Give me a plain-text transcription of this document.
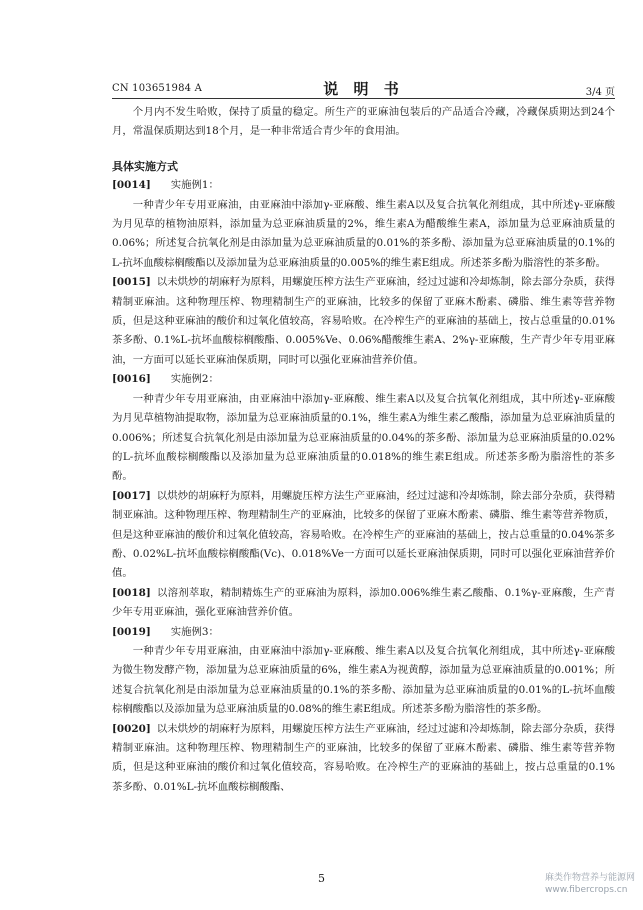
CN 103651984 A	说 明 书	3/4 页

个月内不发生哈败，保持了质量的稳定。所生产的亚麻油包装后的产品适合冷藏，冷藏保质期达到24个月，常温保质期达到18个月，是一种非常适合青少年的食用油。

具体实施方式

[0014] 实施例1：

一种青少年专用亚麻油，由亚麻油中添加γ-亚麻酸、维生素A以及复合抗氧化剂组成，其中所述γ-亚麻酸为月见草的植物油原料，添加量为总亚麻油质量的2%，维生素A为醋酸维生素A，添加量为总亚麻油质量的0.06%；所述复合抗氧化剂是由添加量为总亚麻油质量的0.01%的茶多酚、添加量为总亚麻油质量的0.1%的L-抗坏血酸棕榈酸酯以及添加量为总亚麻油质量的0.005%的维生素E组成。所述茶多酚为脂溶性的茶多酚。

[0015] 以未烘炒的胡麻籽为原料，用螺旋压榨方法生产亚麻油，经过过滤和冷却炼制，除去部分杂质，获得精制亚麻油。这种物理压榨、物理精制生产的亚麻油，比较多的保留了亚麻木酚素、磷脂、维生素等营养物质，但是这种亚麻油的酸价和过氧化值较高，容易哈败。在冷榨生产的亚麻油的基础上，按占总重量的0.01%茶多酚、0.1%L-抗坏血酸棕榈酸酯、0.005%Ve、0.06%醋酸维生素A、2%γ-亚麻酸，生产青少年专用亚麻油，一方面可以延长亚麻油保质期，同时可以强化亚麻油营养价值。

[0016] 实施例2：

一种青少年专用亚麻油，由亚麻油中添加γ-亚麻酸、维生素A以及复合抗氧化剂组成，其中所述γ-亚麻酸为月见草植物油提取物，添加量为总亚麻油质量的0.1%，维生素A为维生素乙酸酯，添加量为总亚麻油质量的0.006%；所述复合抗氧化剂是由添加量为总亚麻油质量的0.04%的茶多酚、添加量为总亚麻油质量的0.02%的L-抗坏血酸棕榈酸酯以及添加量为总亚麻油质量的0.018%的维生素E组成。所述茶多酚为脂溶性的茶多酚。

[0017] 以烘炒的胡麻籽为原料，用螺旋压榨方法生产亚麻油，经过过滤和冷却炼制，除去部分杂质，获得精制亚麻油。这种物理压榨、物理精制生产的亚麻油，比较多的保留了亚麻木酚素、磷脂、维生素等营养物质，但是这种亚麻油的酸价和过氧化值较高，容易哈败。在冷榨生产的亚麻油的基础上，按占总重量的0.04%茶多酚、0.02%L-抗坏血酸棕榈酸酯(Vc)、0.018%Ve一方面可以延长亚麻油保质期，同时可以强化亚麻油营养价值。

[0018] 以溶剂萃取，精制精炼生产的亚麻油为原料，添加0.006%维生素乙酸酯、0.1%γ-亚麻酸，生产青少年专用亚麻油，强化亚麻油营养价值。

[0019] 实施例3：

一种青少年专用亚麻油，由亚麻油中添加γ-亚麻酸、维生素A以及复合抗氧化剂组成，其中所述γ-亚麻酸为微生物发酵产物，添加量为总亚麻油质量的6%，维生素A为视黄醇，添加量为总亚麻油质量的0.001%；所述复合抗氧化剂是由添加量为总亚麻油质量的0.1%的茶多酚、添加量为总亚麻油质量的0.01%的L-抗坏血酸棕榈酸酯以及添加量为总亚麻油质量的0.08%的维生素E组成。所述茶多酚为脂溶性的茶多酚。

[0020] 以未烘炒的胡麻籽为原料，用螺旋压榨方法生产亚麻油，经过过滤和冷却炼制，除去部分杂质，获得精制亚麻油。这种物理压榨、物理精制生产的亚麻油，比较多的保留了亚麻木酚素、磷脂、维生素等营养物质，但是这种亚麻油的酸价和过氧化值较高，容易哈败。在冷榨生产的亚麻油的基础上，按占总重量的0.1%茶多酚、0.01%L-抗坏血酸棕榈酸酯、

5	麻类作物营养与能源网
www.fibercrops.cn
